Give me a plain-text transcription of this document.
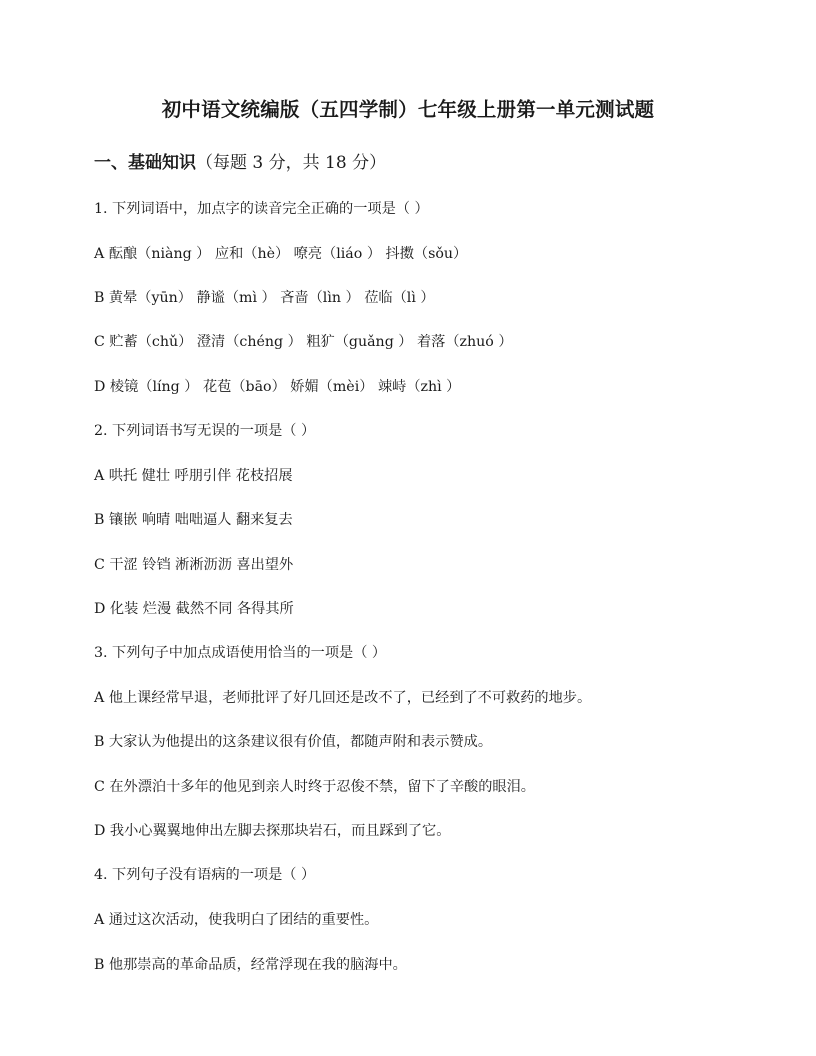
初中语文统编版（五四学制）七年级上册第一单元测试题
一、基础知识（每题 3 分，共 18 分）
1. 下列词语中，加点字的读音完全正确的一项是（ ）
A 酝酿（niàng ） 应和（hè） 嘹亮（liáo ） 抖擞（sǒu）
B 黄晕（yūn） 静谧（mì ） 吝啬（lìn ） 莅临（lì ）
C 贮蓄（chǔ） 澄清（chéng ） 粗犷（guǎng ） 着落（zhuó ）
D 棱镜（líng ） 花苞（bāo） 娇媚（mèi） 竦峙（zhì ）
2. 下列词语书写无误的一项是（ ）
A 哄托 健壮 呼朋引伴 花枝招展
B 镶嵌 响晴 咄咄逼人 翻来复去
C 干涩 铃铛 淅淅沥沥 喜出望外
D 化装 烂漫 截然不同 各得其所
3. 下列句子中加点成语使用恰当的一项是（ ）
A 他上课经常早退，老师批评了好几回还是改不了，已经到了不可救药的地步。
B 大家认为他提出的这条建议很有价值，都随声附和表示赞成。
C 在外漂泊十多年的他见到亲人时终于忍俊不禁，留下了辛酸的眼泪。
D 我小心翼翼地伸出左脚去探那块岩石，而且踩到了它。
4. 下列句子没有语病的一项是（ ）
A 通过这次活动，使我明白了团结的重要性。
B 他那崇高的革命品质，经常浮现在我的脑海中。
